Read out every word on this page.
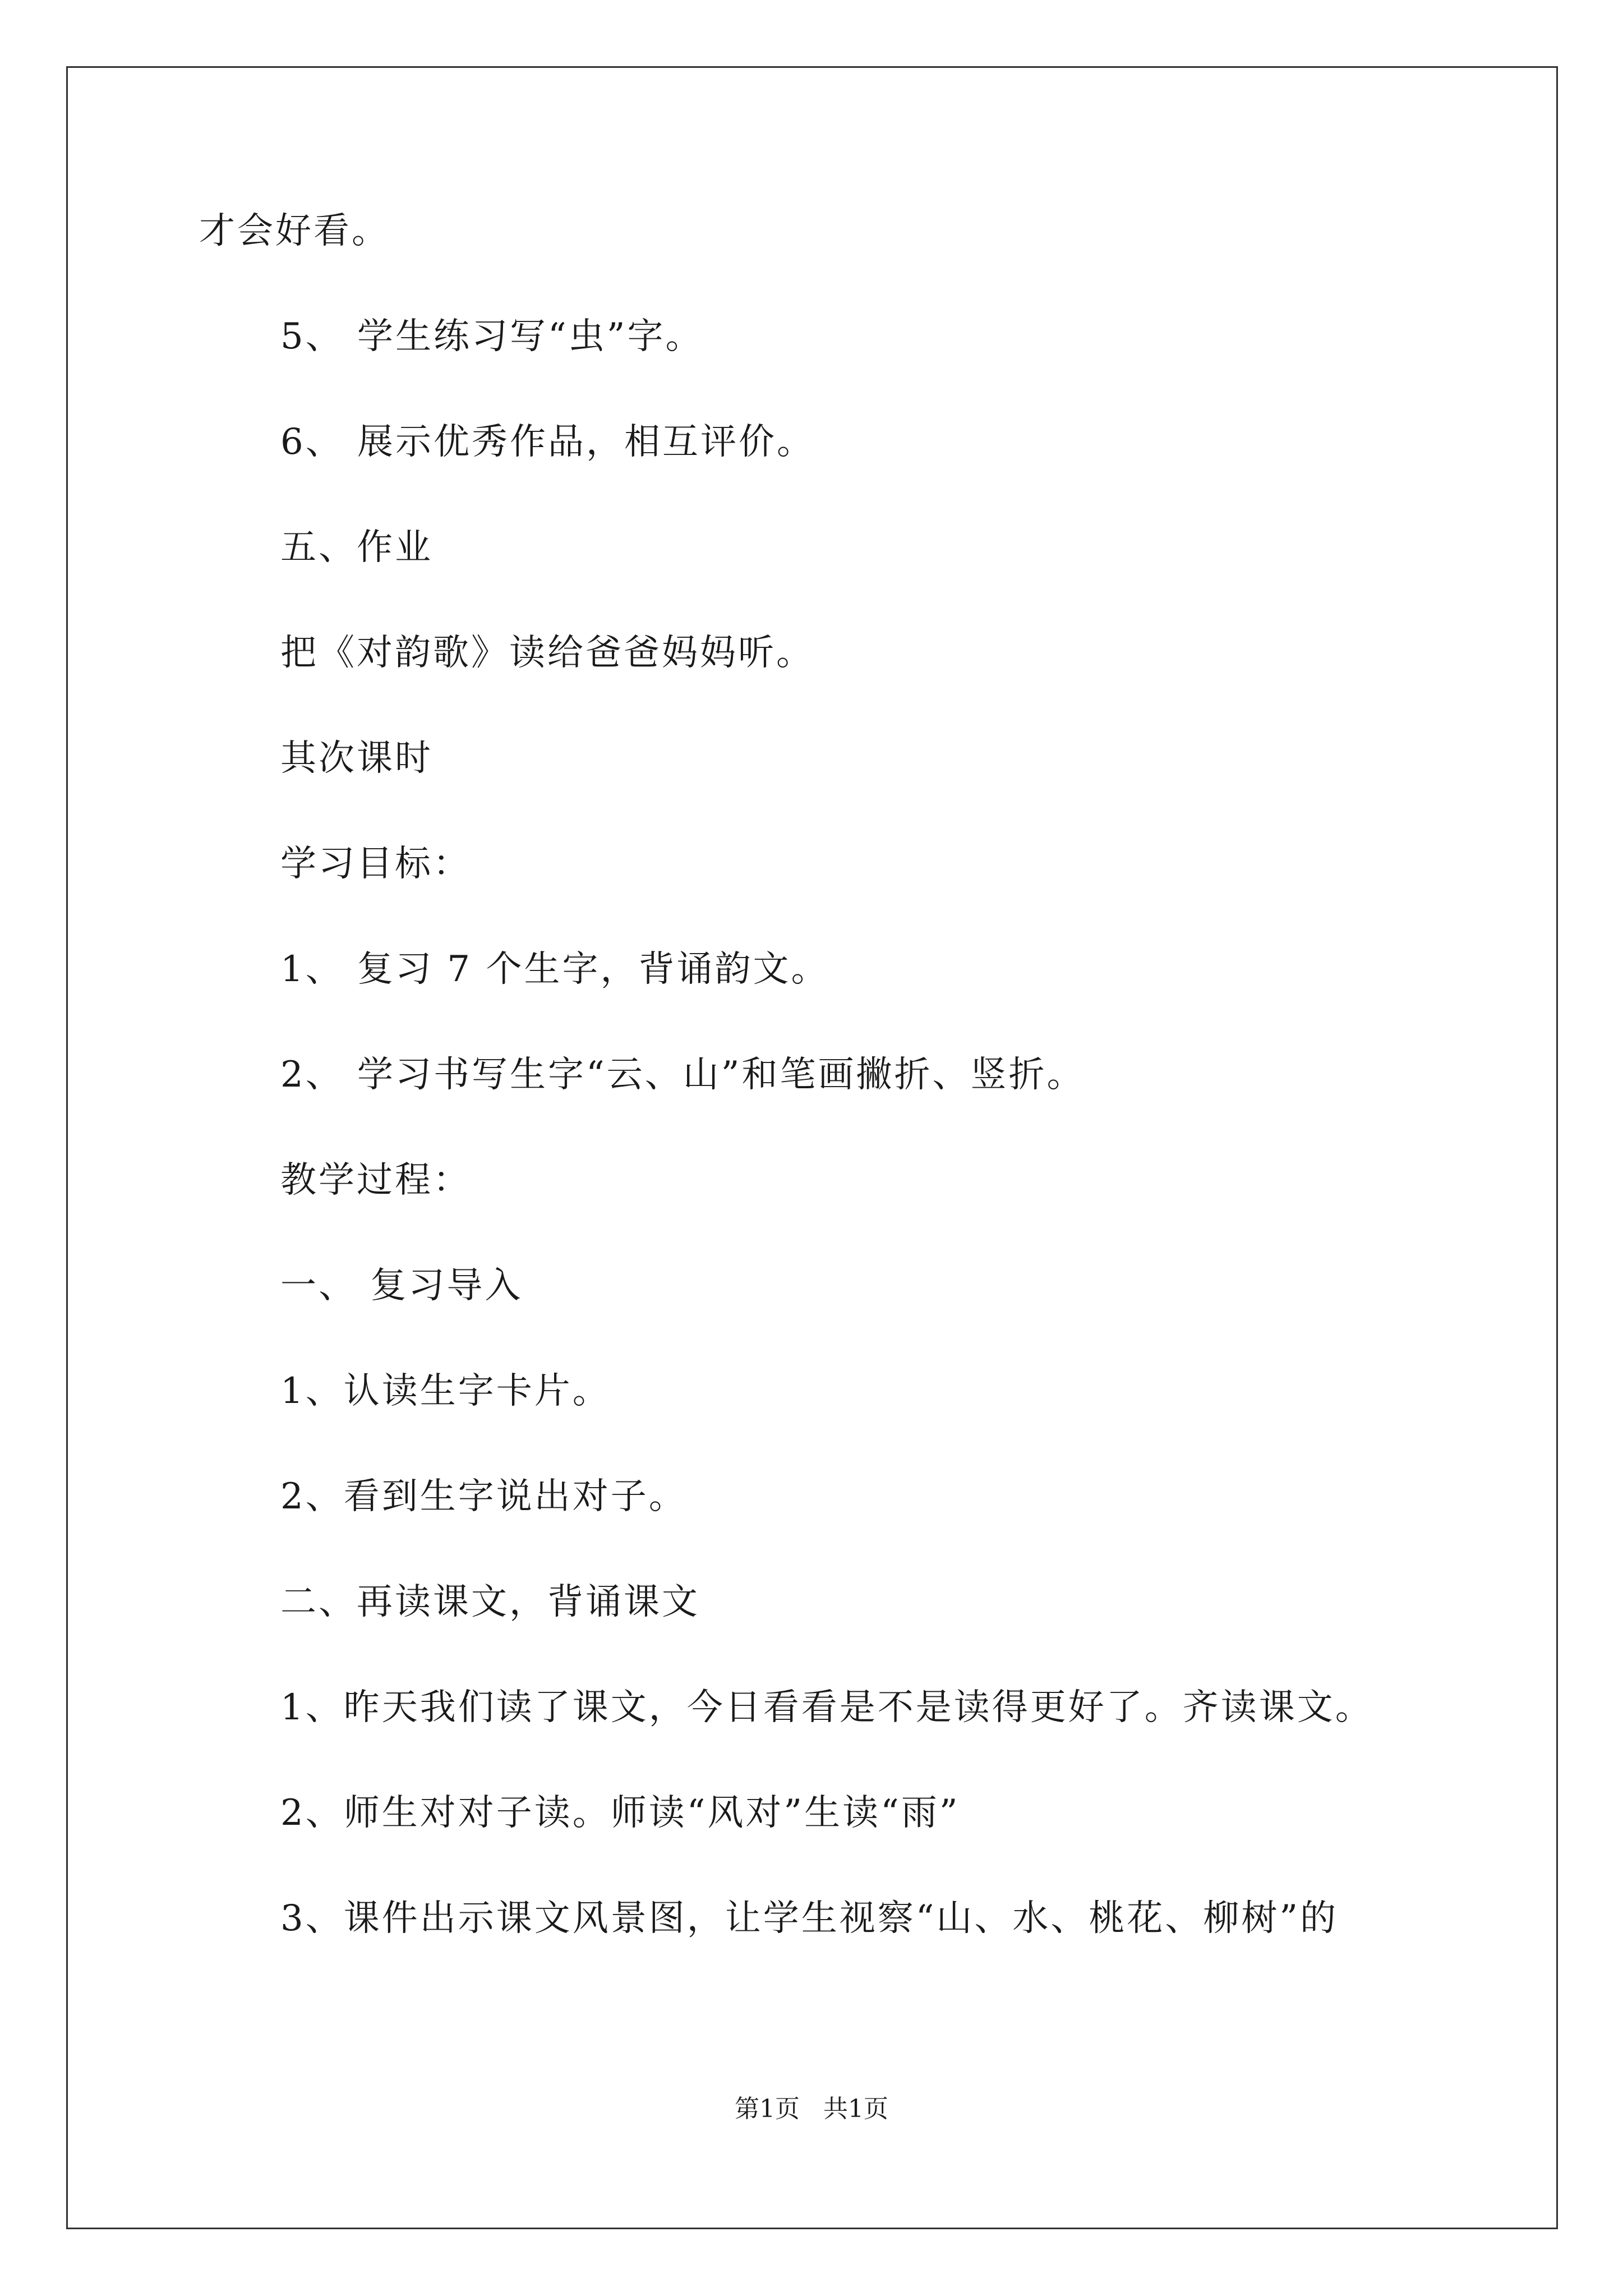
才会好看。
5、 学生练习写“虫”字。
6、 展示优秀作品，相互评价。
五、作业
把《对韵歌》读给爸爸妈妈听。
其次课时
学习目标：
1、 复习 7 个生字，背诵韵文。
2、 学习书写生字“云、山”和笔画撇折、竖折。
教学过程：
一、 复习导入
1、认读生字卡片。
2、看到生字说出对子。
二、再读课文，背诵课文
1、昨天我们读了课文，今日看看是不是读得更好了。齐读课文。
2、师生对对子读。师读“风对”生读“雨”
3、课件出示课文风景图，让学生视察“山、水、桃花、柳树”的
第1页   共1页
